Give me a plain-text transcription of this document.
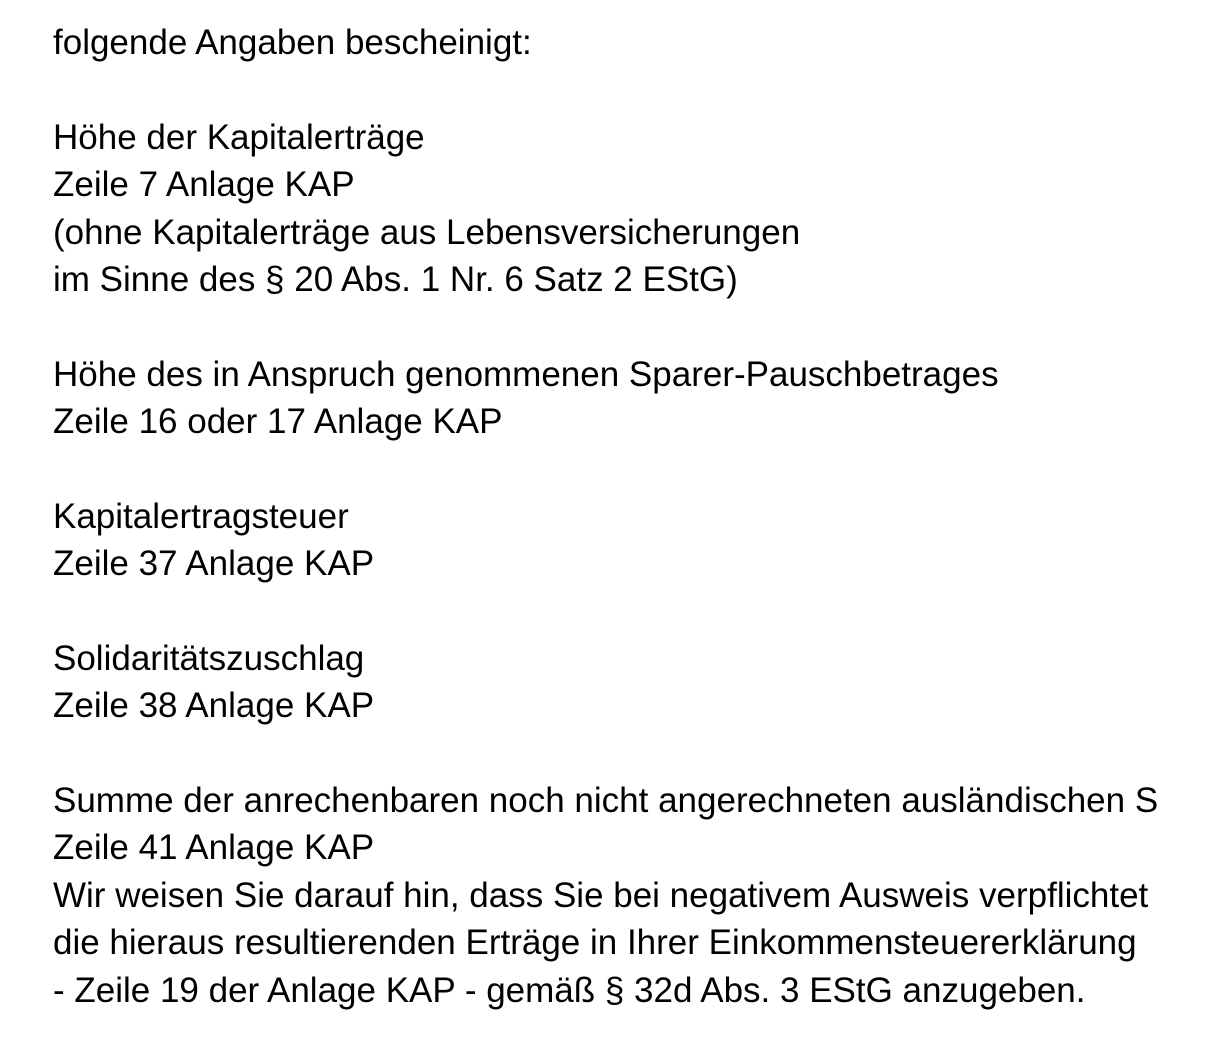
folgende Angaben bescheinigt:

Höhe der Kapitalerträge

Zeile 7 Anlage KAP

(ohne Kapitalerträge aus Lebensversicherungen

im Sinne des § 20 Abs. 1 Nr. 6 Satz 2 EStG)

Höhe des in Anspruch genommenen Sparer-Pauschbetrages

Zeile 16 oder 17 Anlage KAP

Kapitalertragsteuer

Zeile 37 Anlage KAP

Solidaritätszuschlag

Zeile 38 Anlage KAP

Summe der anrechenbaren noch nicht angerechneten ausländischen S

Zeile 41 Anlage KAP

Wir weisen Sie darauf hin, dass Sie bei negativem Ausweis verpflichtet

die hieraus resultierenden Erträge in Ihrer Einkommensteuererklärung

- Zeile 19 der Anlage KAP - gemäß § 32d Abs. 3 EStG anzugeben.
